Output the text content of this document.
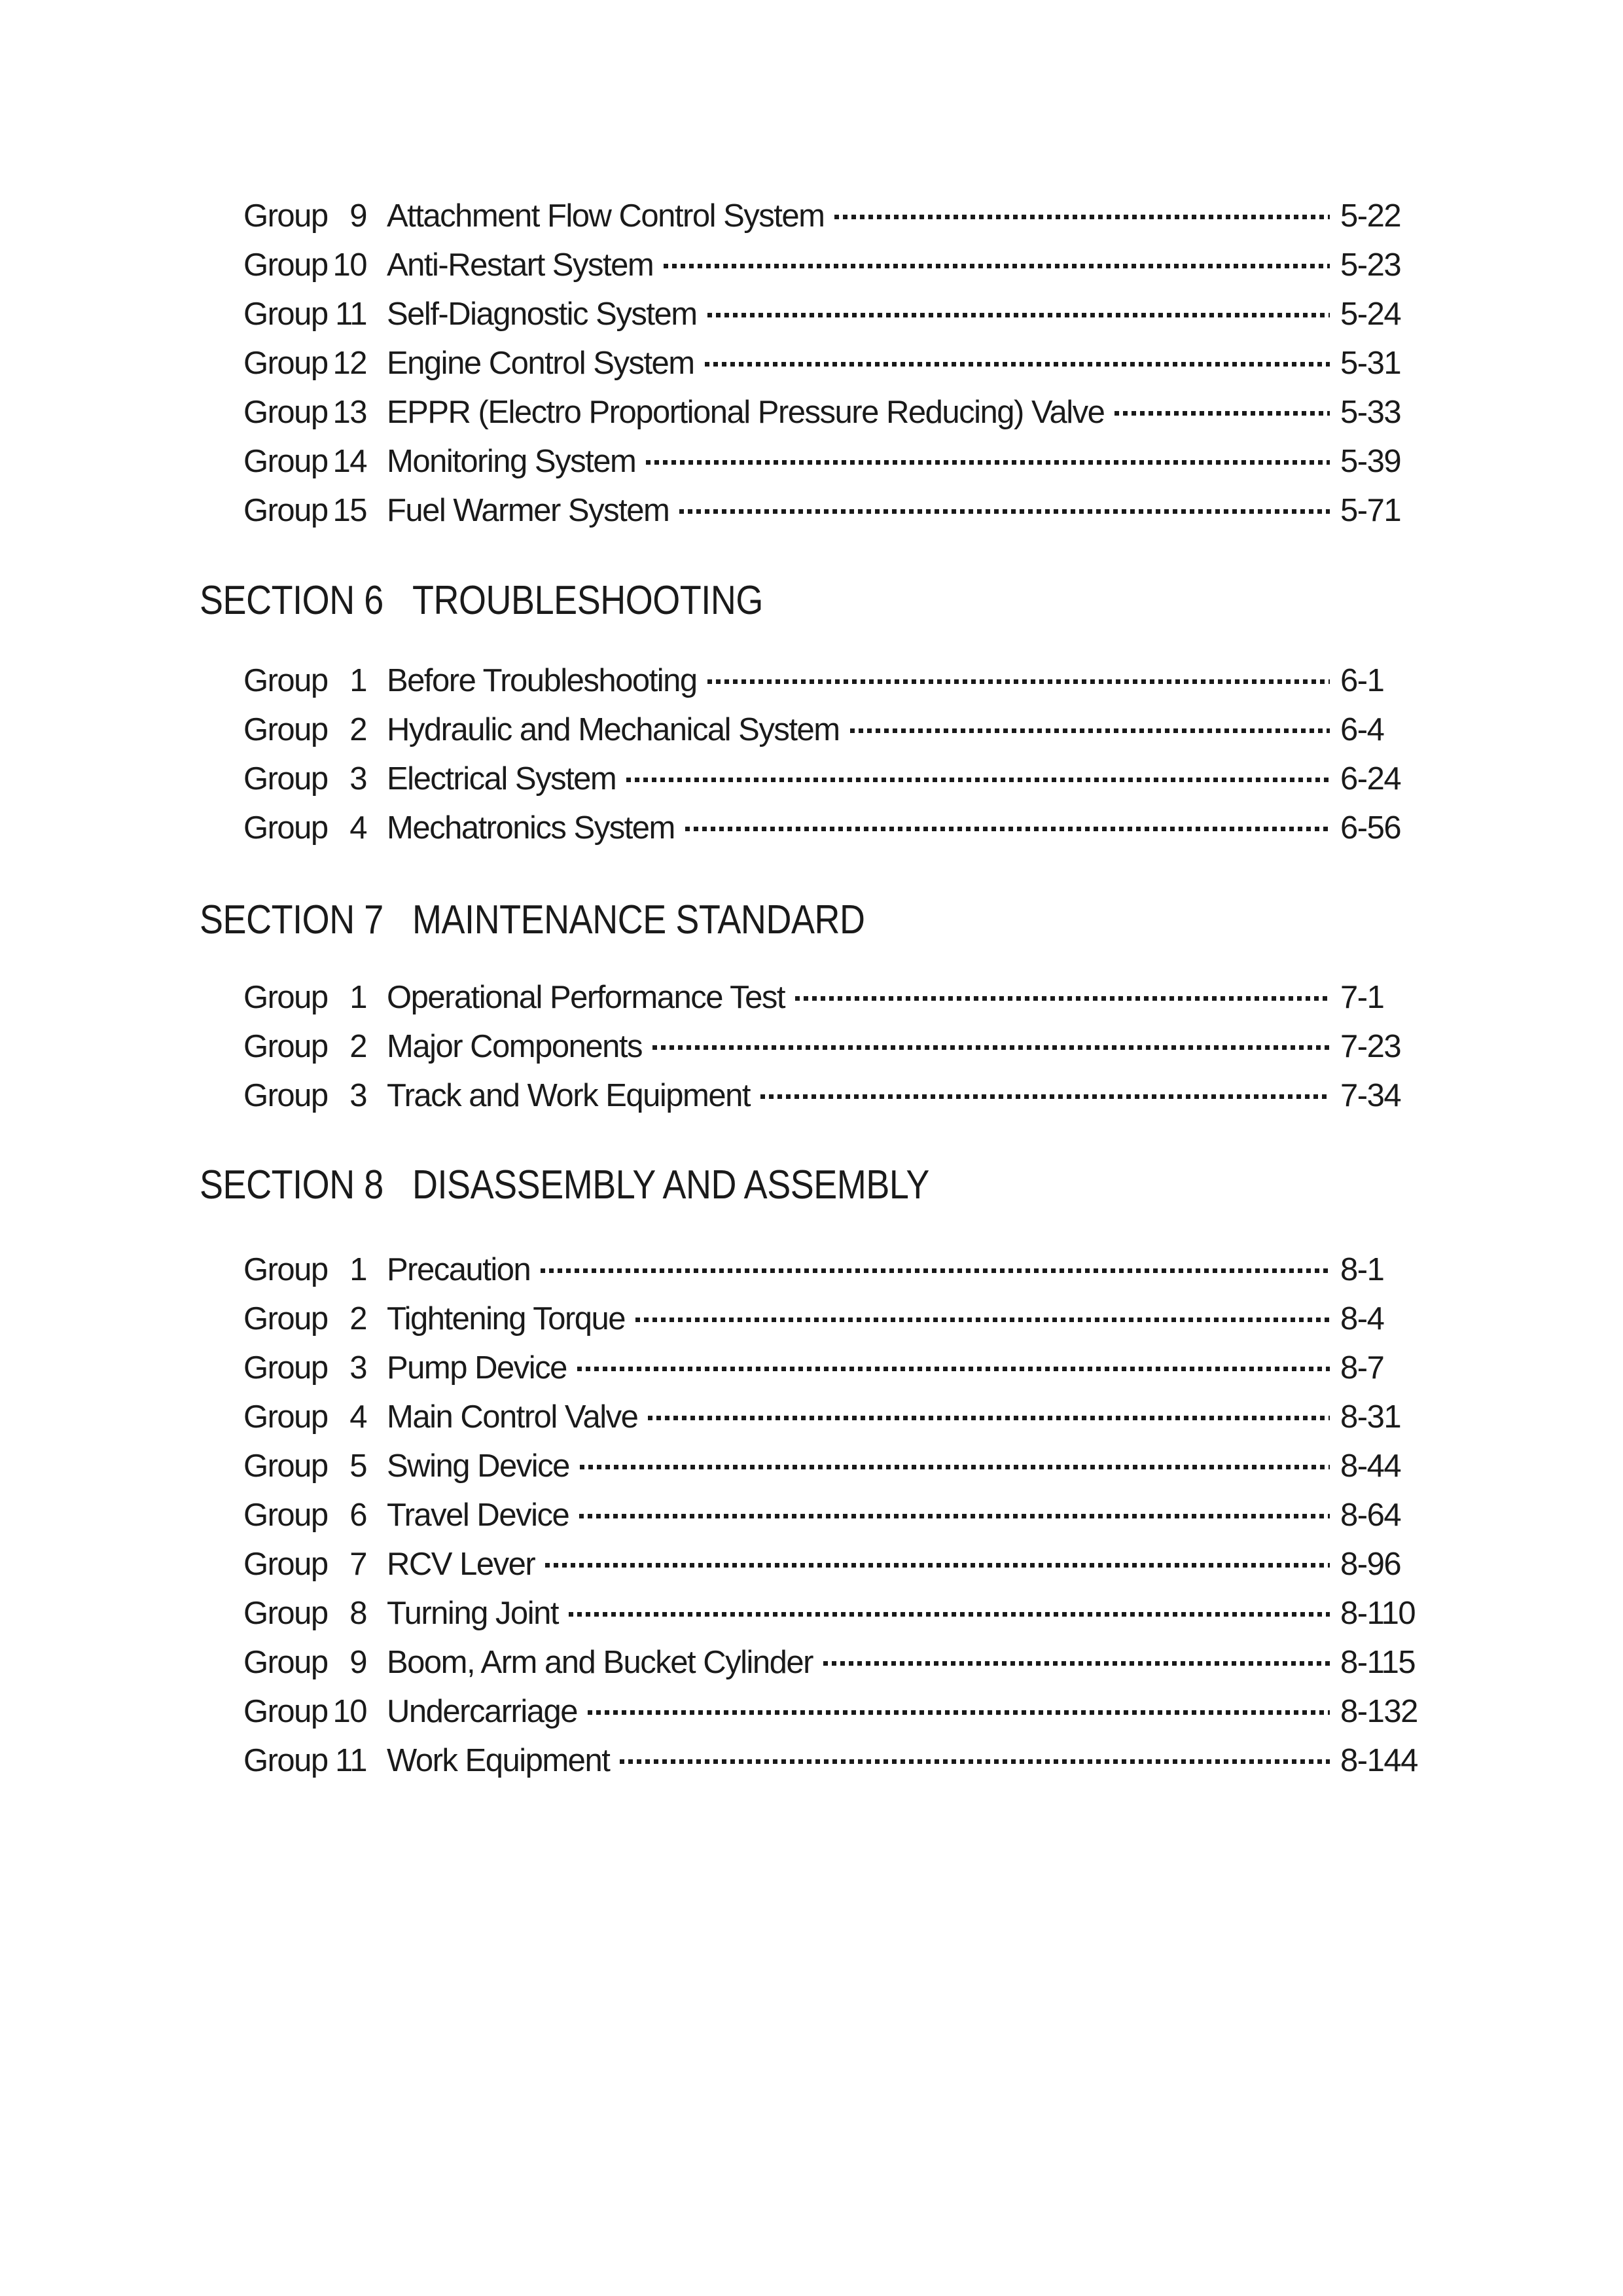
Group 9 Attachment Flow Control System	5-22
Group 10 Anti-Restart System	5-23
Group 11 Self-Diagnostic System	5-24
Group 12 Engine Control System	5-31
Group 13 EPPR (Electro Proportional Pressure Reducing) Valve	5-33
Group 14 Monitoring System	5-39
Group 15 Fuel Warmer System	5-71
SECTION 6 TROUBLESHOOTING
Group 1 Before Troubleshooting	6-1
Group 2 Hydraulic and Mechanical System	6-4
Group 3 Electrical System	6-24
Group 4 Mechatronics System	6-56
SECTION 7 MAINTENANCE STANDARD
Group 1 Operational Performance Test	7-1
Group 2 Major Components	7-23
Group 3 Track and Work Equipment	7-34
SECTION 8 DISASSEMBLY AND ASSEMBLY
Group 1 Precaution	8-1
Group 2 Tightening Torque	8-4
Group 3 Pump Device	8-7
Group 4 Main Control Valve	8-31
Group 5 Swing Device	8-44
Group 6 Travel Device	8-64
Group 7 RCV Lever	8-96
Group 8 Turning Joint	8-110
Group 9 Boom, Arm and Bucket Cylinder	8-115
Group 10 Undercarriage	8-132
Group 11 Work Equipment	8-144
